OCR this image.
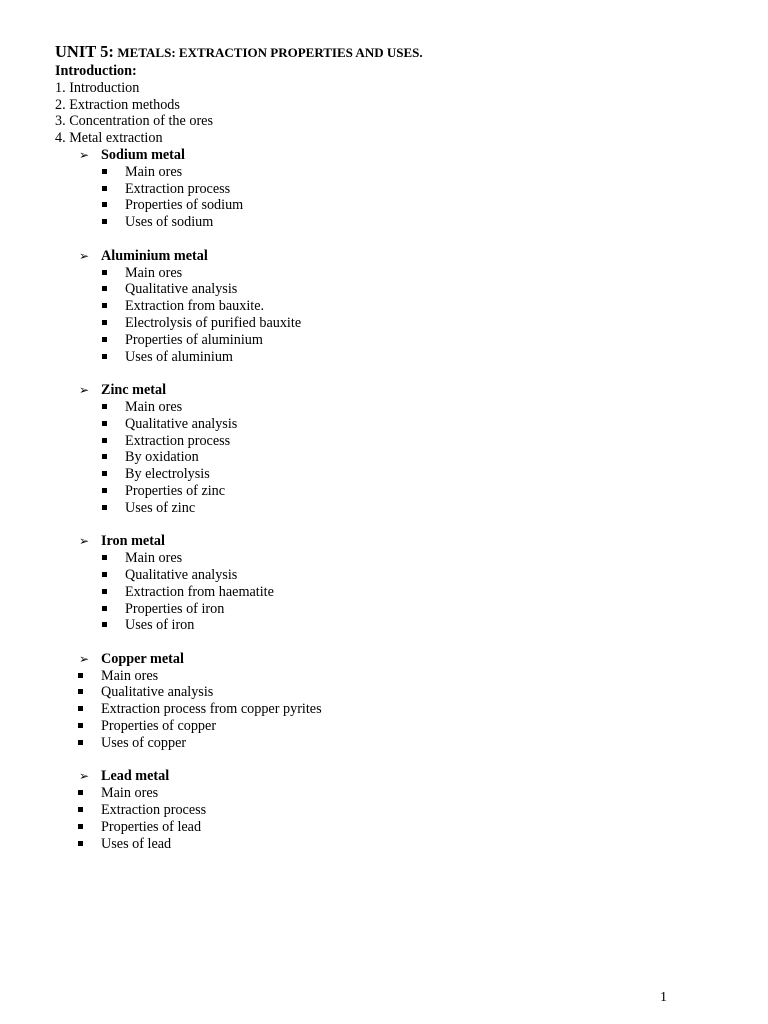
UNIT 5: METALS: EXTRACTION PROPERTIES AND USES.
Introduction:
1. Introduction
2. Extraction methods
3. Concentration of the ores
4. Metal extraction
➢ Sodium metal
Main ores
Extraction process
Properties of sodium
Uses of sodium
➢ Aluminium metal
Main ores
Qualitative analysis
Extraction from bauxite.
Electrolysis of purified bauxite
Properties of aluminium
Uses of aluminium
➢ Zinc metal
Main ores
Qualitative analysis
Extraction process
By oxidation
By electrolysis
Properties of zinc
Uses of zinc
➢ Iron metal
Main ores
Qualitative analysis
Extraction from haematite
Properties of iron
Uses of iron
➢ Copper metal
Main ores
Qualitative analysis
Extraction process from copper pyrites
Properties of copper
Uses of copper
➢ Lead metal
Main ores
Extraction process
Properties of lead
Uses of lead
1
